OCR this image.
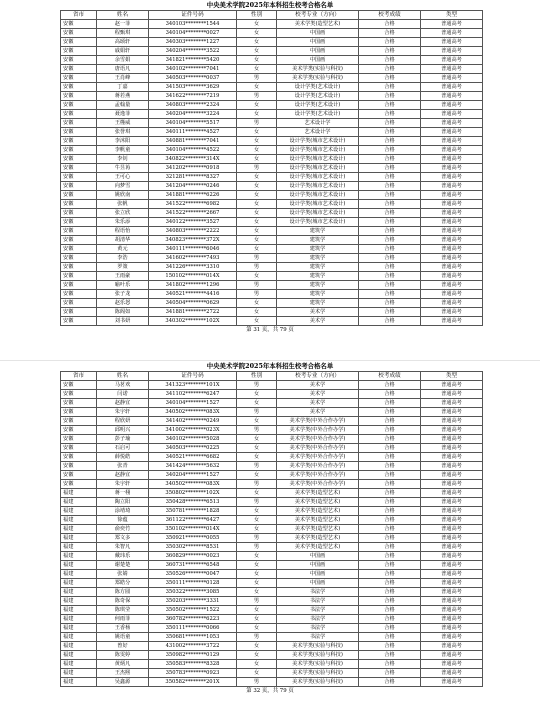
中央美术学院2025年本科招生校考合格名单
省市	姓名	证件号码	性别	校考专业（方向）	校考成绩	类型
安徽	赵一菲	340103********1544	女	美术学类(造型艺术)	合格	普通高考
安徽	程甄琪	340104********0027	女	中国画	合格	普通高考
安徽	高颂轩	340303********1227	女	中国画	合格	普通高考
安徽	戚娟轩	340204********3522	女	中国画	合格	普通高考
安徽	余雪娟	341821********5420	女	中国画	合格	普通高考
安徽	唐语凡	340102********7041	女	美术学类(实验与科技)	合格	普通高考
安徽	王肖峰	340503********0037	男	美术学类(实验与科技)	合格	普通高考
安徽	丁嘉	341503********3629	女	设计学类(艺术设计)	合格	普通高考
安徽	蒋若燕	341622********7219	男	设计学类(艺术设计)	合格	普通高考
安徽	孟翰量	340803********2324	女	设计学类(艺术设计)	合格	普通高考
安徽	聂逸菲	340204********3224	女	设计学类(艺术设计)	合格	普通高考
安徽	王槿威	340104********5517	男	艺术设计学	合格	普通高考
安徽	张誉琪	340111********4527	女	艺术设计学	合格	普通高考
安徽	李沐阳	340881********7041	女	设计学类(城市艺术设计)	合格	普通高考
安徽	李帆童	340104********4522	女	设计学类(城市艺术设计)	合格	普通高考
安徽	李钊	340822********314X	女	设计学类(城市艺术设计)	合格	普通高考
安徽	牛昱苒	341202********0918	男	设计学类(城市艺术设计)	合格	普通高考
安徽	王可心	321281********8327	女	设计学类(城市艺术设计)	合格	普通高考
安徽	向梦雪	341204********0246	女	设计学类(城市艺术设计)	合格	普通高考
安徽	姚欣南	341881********6226	女	设计学类(城市艺术设计)	合格	普通高考
安徽	张帆	341522********6982	女	设计学类(城市艺术设计)	合格	普通高考
安徽	张立欣	341522********2667	女	设计学类(城市艺术设计)	合格	普通高考
安徽	朱乐添	340122********3527	女	设计学类(城市艺术设计)	合格	普通高考
安徽	程语怡	340803********2222	女	建筑学	合格	普通高考
安徽	胡清华	340823********372X	女	建筑学	合格	普通高考
安徽	黄元	340111********6046	女	建筑学	合格	普通高考
安徽	李浩	341602********7493	男	建筑学	合格	普通高考
安徽	罗策	341226********3310	男	建筑学	合格	普通高考
安徽	王雨豪	150102********014X	女	建筑学	合格	普通高考
安徽	喻叶乐	341802********1296	男	建筑学	合格	普通高考
安徽	张子龙	340521********4416	男	建筑学	合格	普通高考
安徽	赵乐怒	340504********0629	女	建筑学	合格	普通高考
安徽	陈阁如	341881********2722	女	美术学	合格	普通高考
安徽	刘书妍	340302********102X	女	美术学	合格	普通高考
第 31 页，共 79 页
中央美术学院2025年本科招生校考合格名单
省市	姓名	证件号码	性别	校考专业（方向）	校考成绩	类型
安徽	马茗欢	341323********101X	男	美术学	合格	普通高考
安徽	闫诺	341102********6247	女	美术学	合格	普通高考
安徽	赵静宜	340104********1527	女	美术学	合格	普通高考
安徽	朱宇轩	340502********083X	男	美术学	合格	普通高考
安徽	程欣妍	341402********0249	女	美术学类(中外合作办学)	合格	普通高考
安徽	邱明兴	341002********023X	男	美术学类(中外合作办学)	合格	普通高考
安徽	彭子瑜	340102********5028	女	美术学类(中外合作办学)	合格	普通高考
安徽	石启可	340503********0225	女	美术学类(中外合作办学)	合格	普通高考
安徽	薛悦皓	340521********6682	女	美术学类(中外合作办学)	合格	普通高考
安徽	张青	341424********5632	男	美术学类(中外合作办学)	合格	普通高考
安徽	赵静宜	340204********1527	女	美术学类(中外合作办学)	合格	普通高考
安徽	朱宇轩	340502********083X	男	美术学类(中外合作办学)	合格	普通高考
福建	蒋一栩	350802********102X	女	美术学类(造型艺术)	合格	普通高考
福建	陶立阳	350428********6513	男	美术学类(造型艺术)	合格	普通高考
福建	涂靖琦	350781********1828	女	美术学类(造型艺术)	合格	普通高考
福建	徐蕴	361122********6427	女	美术学类(造型艺术)	合格	普通高考
福建	俞奕竹	350102********014X	女	美术学类(造型艺术)	合格	普通高考
福建	郑文多	350921********0055	男	美术学类(造型艺术)	合格	普通高考
福建	朱智凡	350302********8531	男	美术学类(造型艺术)	合格	普通高考
福建	戴玮乐	360829********0023	女	中国画	合格	普通高考
福建	谢楚楚	360731********6548	女	中国画	合格	普通高考
福建	张婧	350526********0047	女	中国画	合格	普通高考
福建	郑皓分	350111********0128	女	中国画	合格	普通高考
福建	陈方圆	350322********3085	女	书法学	合格	普通高考
福建	陈奇保	350203********3331	男	书法学	合格	普通高考
福建	陈琪莹	350502********1522	女	书法学	合格	普通高考
福建	何雨菲	360782********6223	女	书法学	合格	普通高考
福建	王香杨	350111********0066	女	书法学	合格	普通高考
福建	姚语童	350681********1053	男	书法学	合格	普通高考
福建	曾好	431002********3722	女	美术学类(实验与科技)	合格	普通高考
福建	陈雯婷	350982********0129	女	美术学类(实验与科技)	合格	普通高考
福建	黄炳凡	350583********8328	女	美术学类(实验与科技)	合格	普通高考
福建	王杰熙	350783********0923	女	美术学类(实验与科技)	合格	普通高考
福建	吴鑫源	350582********201X	男	美术学类(实验与科技)	合格	普通高考
第 32 页，共 79 页
